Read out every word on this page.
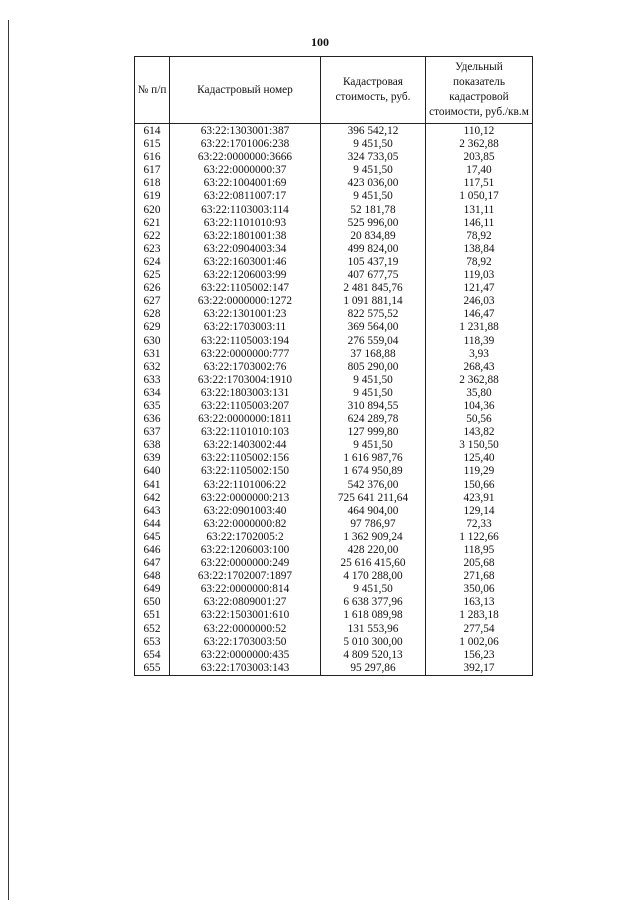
100
№ п/п	Кадастровый номер	Кадастровая стоимость, руб.	Удельный показатель кадастровой стоимости, руб./кв.м
614	63:22:1303001:387	396 542,12	110,12
615	63:22:1701006:238	9 451,50	2 362,88
616	63:22:0000000:3666	324 733,05	203,85
617	63:22:0000000:37	9 451,50	17,40
618	63:22:1004001:69	423 036,00	117,51
619	63:22:0811007:17	9 451,50	1 050,17
620	63:22:1103003:114	52 181,78	131,11
621	63:22:1101010:93	525 996,00	146,11
622	63:22:1801001:38	20 834,89	78,92
623	63:22:0904003:34	499 824,00	138,84
624	63:22:1603001:46	105 437,19	78,92
625	63:22:1206003:99	407 677,75	119,03
626	63:22:1105002:147	2 481 845,76	121,47
627	63:22:0000000:1272	1 091 881,14	246,03
628	63:22:1301001:23	822 575,52	146,47
629	63:22:1703003:11	369 564,00	1 231,88
630	63:22:1105003:194	276 559,04	118,39
631	63:22:0000000:777	37 168,88	3,93
632	63:22:1703002:76	805 290,00	268,43
633	63:22:1703004:1910	9 451,50	2 362,88
634	63:22:1803003:131	9 451,50	35,80
635	63:22:1105003:207	310 894,55	104,36
636	63:22:0000000:1811	624 289,78	50,56
637	63:22:1101010:103	127 999,80	143,82
638	63:22:1403002:44	9 451,50	3 150,50
639	63:22:1105002:156	1 616 987,76	125,40
640	63:22:1105002:150	1 674 950,89	119,29
641	63:22:1101006:22	542 376,00	150,66
642	63:22:0000000:213	725 641 211,64	423,91
643	63:22:0901003:40	464 904,00	129,14
644	63:22:0000000:82	97 786,97	72,33
645	63:22:1702005:2	1 362 909,24	1 122,66
646	63:22:1206003:100	428 220,00	118,95
647	63:22:0000000:249	25 616 415,60	205,68
648	63:22:1702007:1897	4 170 288,00	271,68
649	63:22:0000000:814	9 451,50	350,06
650	63:22:0809001:27	6 638 377,96	163,13
651	63:22:1503001:610	1 618 089,98	1 283,18
652	63:22:0000000:52	131 553,96	277,54
653	63:22:1703003:50	5 010 300,00	1 002,06
654	63:22:0000000:435	4 809 520,13	156,23
655	63:22:1703003:143	95 297,86	392,17
